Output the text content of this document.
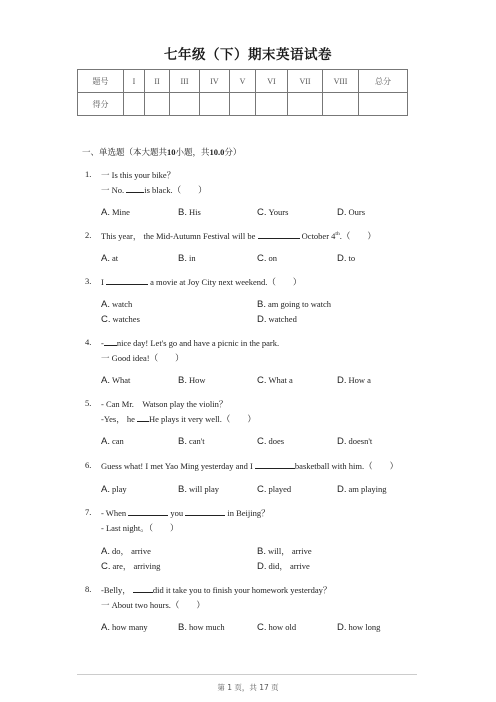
七年级（下）期末英语试卷
题号	I	II	III	IV	V	VI	VII	VIII	总分
得分									
一、单选题（本大题共10小题，共10.0分）
1. 一 Is this your bike？
一 No. is black.（　　）
A. Mine	B. His	C. Yours	D. Ours
2. This year， the Mid-Autumn Festival will be	October 4th.（　　）
A. at	B. in	C. on	D. to
3. I	a movie at Joy City next weekend.（　　）
A. watch	B. am going to watch
C. watches	D. watched
4. - nice day! Let's go and have a picnic in the park.
一 Good idea!（　　）
A. What	B. How	C. What a	D. How a
5. - Can Mr.　Watson play the violin？
-Yes， he He plays it very well.（　　）
A. can	B. can't	C. does	D. doesn't
6. Guess what! I met Yao Ming yesterday and I	basketball with him.（　　）
A. play	B. will play	C. played	D. am playing
7. - When	you	in Beijing？
- Last night。（　　）
A. do， arrive	B. will， arrive
C. are， arriving	D. did， arrive
8. -Belly，	did it take you to finish your homework yesterday？
一 About two hours.（　　）
A. how many	B. how much	C. how old	D. how long
第 1 页，共 17 页
